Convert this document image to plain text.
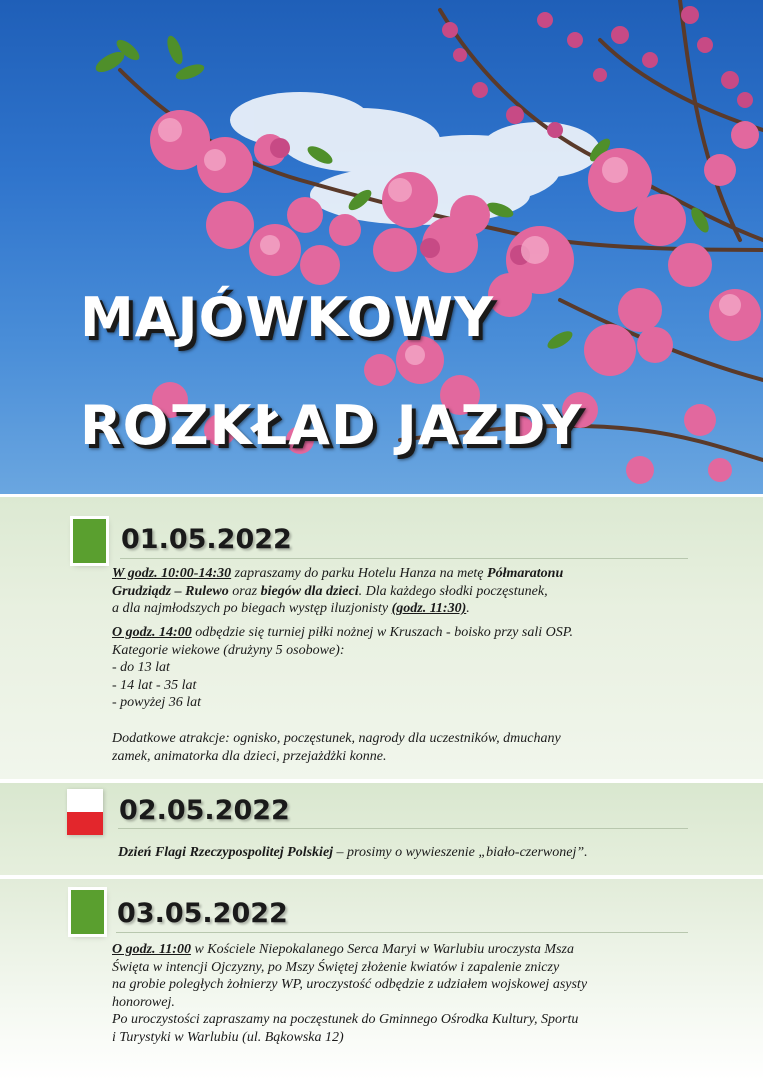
MAJÓWKOWY
ROZKŁAD JAZDY
01.05.2022

W godz. 10:00-14:30 zapraszamy do parku Hotelu Hanza na metę Półmaratonu

Grudziądz – Rulewo oraz biegów dla dzieci. Dla każdego słodki poczęstunek,

a dla najmłodszych po biegach występ iluzjonisty (godz. 11:30).

O godz. 14:00 odbędzie się turniej piłki nożnej w Kruszach - boisko przy sali OSP.

Kategorie wiekowe (drużyny 5 osobowe):

- do 13 lat

- 14 lat - 35 lat

- powyżej 36 lat

Dodatkowe atrakcje: ognisko, poczęstunek, nagrody dla uczestników, dmuchany

zamek, animatorka dla dzieci, przejażdżki konne.

02.05.2022

Dzień Flagi Rzeczypospolitej Polskiej – prosimy o wywieszenie „biało-czerwonej”.

03.05.2022

O godz. 11:00 w Kościele Niepokalanego Serca Maryi w Warlubiu uroczysta Msza

Święta w intencji Ojczyzny, po Mszy Świętej złożenie kwiatów i zapalenie zniczy

na grobie poległych żołnierzy WP, uroczystość odbędzie z udziałem wojskowej asysty

honorowej.

Po uroczystości zapraszamy na poczęstunek do Gminnego Ośrodka Kultury, Sportu

i Turystyki w Warlubiu (ul. Bąkowska 12)
